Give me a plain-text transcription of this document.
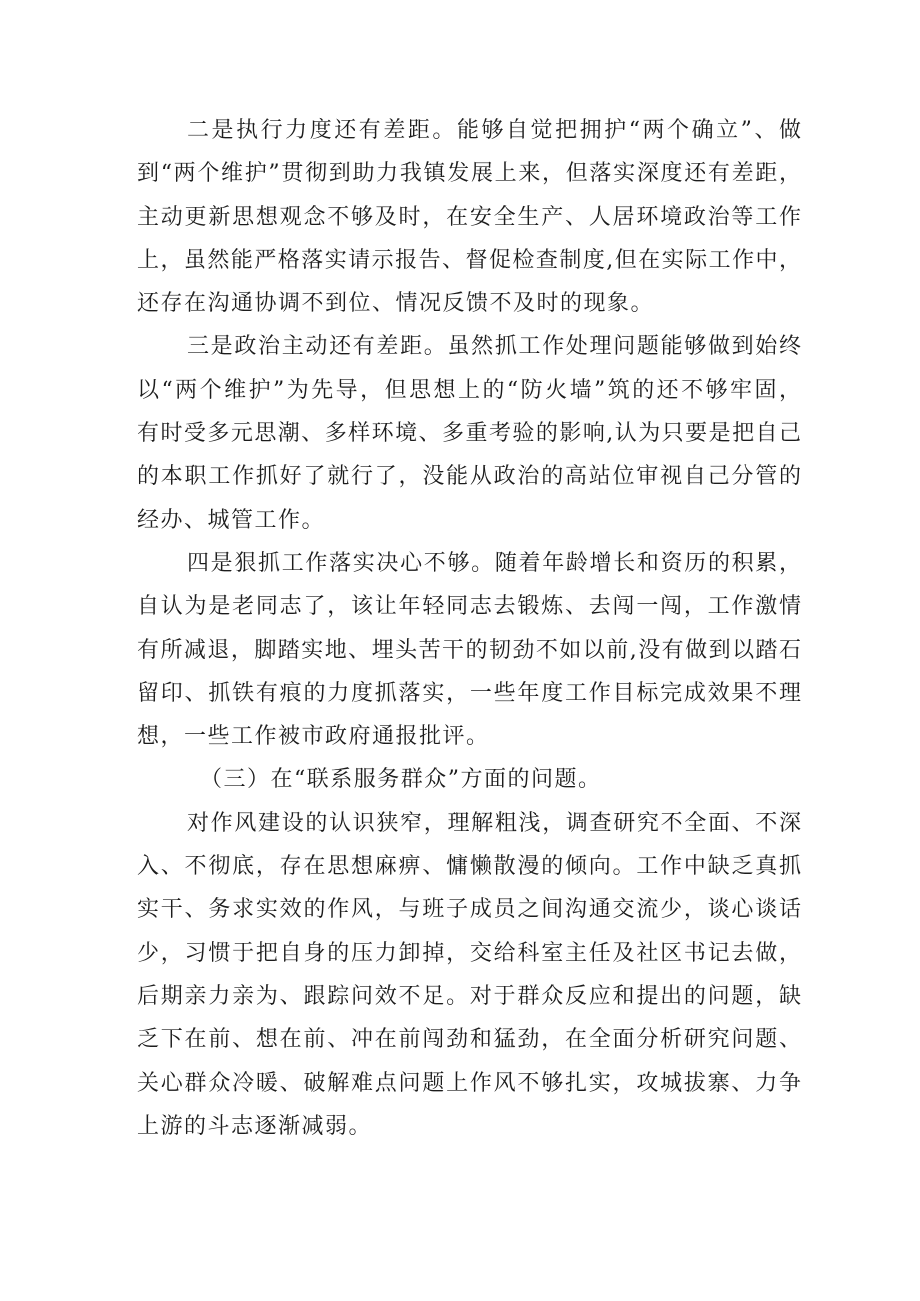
二是执行力度还有差距。能够自觉把拥护“两个确立”、做
到“两个维护”贯彻到助力我镇发展上来，但落实深度还有差距，
主动更新思想观念不够及时，在安全生产、人居环境政治等工作
上，虽然能严格落实请示报告、督促检查制度,但在实际工作中，
还存在沟通协调不到位、情况反馈不及时的现象。
三是政治主动还有差距。虽然抓工作处理问题能够做到始终
以“两个维护”为先导，但思想上的“防火墙”筑的还不够牢固，
有时受多元思潮、多样环境、多重考验的影响,认为只要是把自己
的本职工作抓好了就行了，没能从政治的高站位审视自己分管的
经办、城管工作。
四是狠抓工作落实决心不够。随着年龄增长和资历的积累，
自认为是老同志了，该让年轻同志去锻炼、去闯一闯，工作激情
有所减退，脚踏实地、埋头苦干的韧劲不如以前,没有做到以踏石
留印、抓铁有痕的力度抓落实，一些年度工作目标完成效果不理
想，一些工作被市政府通报批评。
（三）在“联系服务群众”方面的问题。
对作风建设的认识狭窄，理解粗浅，调查研究不全面、不深
入、不彻底，存在思想麻痹、慵懒散漫的倾向。工作中缺乏真抓
实干、务求实效的作风，与班子成员之间沟通交流少，谈心谈话
少，习惯于把自身的压力卸掉，交给科室主任及社区书记去做，
后期亲力亲为、跟踪问效不足。对于群众反应和提出的问题，缺
乏下在前、想在前、冲在前闯劲和猛劲，在全面分析研究问题、
关心群众冷暖、破解难点问题上作风不够扎实，攻城拔寨、力争
上游的斗志逐渐减弱。
